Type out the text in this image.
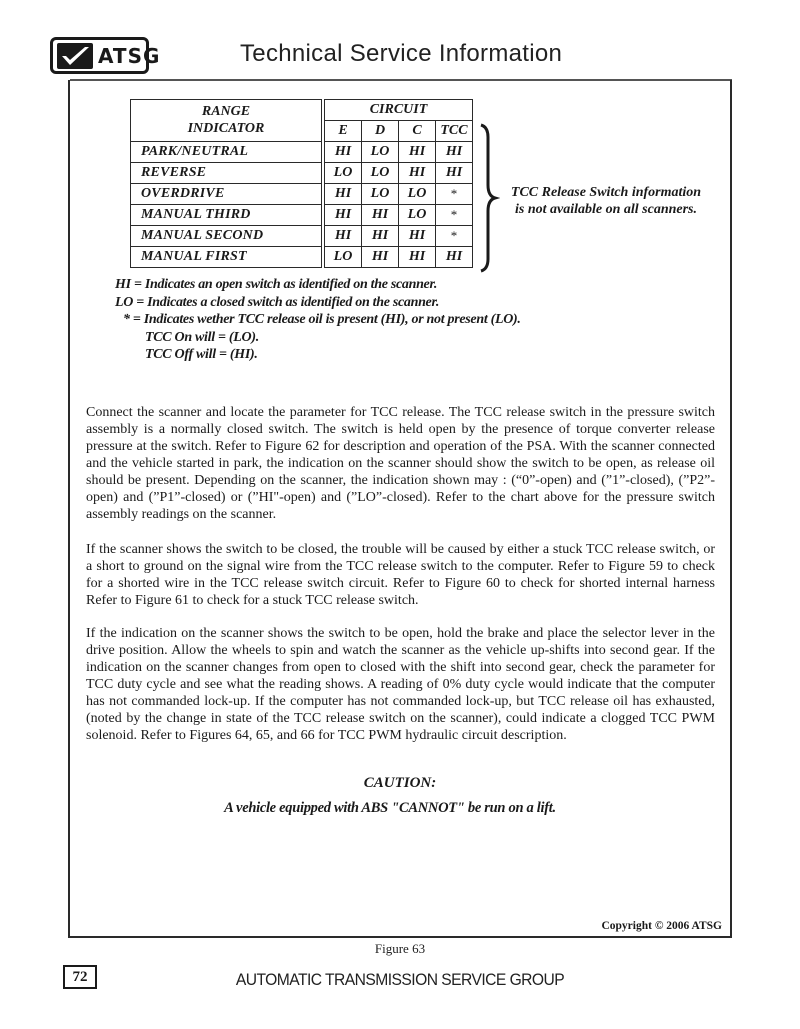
ATSG	Technical Service Information
RANGE
INDICATOR	CIRCUIT			
	E	D	C	TCC
PARK/NEUTRAL	HI	LO	HI	HI
REVERSE	LO	LO	HI	HI
OVERDRIVE	HI	LO	LO	*
MANUAL THIRD	HI	HI	LO	*
MANUAL SECOND	HI	HI	HI	*
MANUAL FIRST	LO	HI	HI	HI
TCC Release Switch information
is not available on all scanners.
HI = Indicates an open switch as identified on the scanner.
LO = Indicates a closed switch as identified on the scanner.
* = Indicates wether TCC release oil is present (HI), or not present (LO).
TCC On will = (LO).
TCC Off will = (HI).
Connect the scanner and locate the parameter for TCC release. The TCC release switch in the pressure switch assembly is a normally closed switch. The switch is held open by the presence of torque converter release pressure at the switch. Refer to Figure 62 for description and operation of the PSA. With the scanner connected and the vehicle started in park, the indication on the scanner should show the switch to be open, as release oil should be present. Depending on the scanner, the indication shown may : (“0”-open) and (”1”-closed), (”P2”-open) and (”P1”-closed) or (”HI"-open) and (”LO”-closed). Refer to the chart above for the pressure switch assembly readings on the scanner.
If the scanner shows the switch to be closed, the trouble will be caused by either a stuck TCC release switch, or a short to ground on the signal wire from the TCC release switch to the computer. Refer to Figure 59 to check for a shorted wire in the TCC release switch circuit. Refer to Figure 60 to check for shorted internal harness Refer to Figure 61 to check for a stuck TCC release switch.
If the indication on the scanner shows the switch to be open, hold the brake and place the selector lever in the drive position. Allow the wheels to spin and watch the scanner as the vehicle up-shifts into second gear. If the indication on the scanner changes from open to closed with the shift into second gear, check the parameter for TCC duty cycle and see what the reading shows. A reading of 0% duty cycle would indicate that the computer has not commanded lock-up. If the computer has not commanded lock-up, but TCC release oil has exhausted, (noted by the change in state of the TCC release switch on the scanner), could indicate a clogged TCC PWM solenoid. Refer to Figures 64, 65, and 66 for TCC PWM hydraulic circuit description.
CAUTION:
A vehicle equipped with ABS "CANNOT" be run on a lift.
Copyright © 2006 ATSG
Figure 63
72	AUTOMATIC TRANSMISSION SERVICE GROUP
